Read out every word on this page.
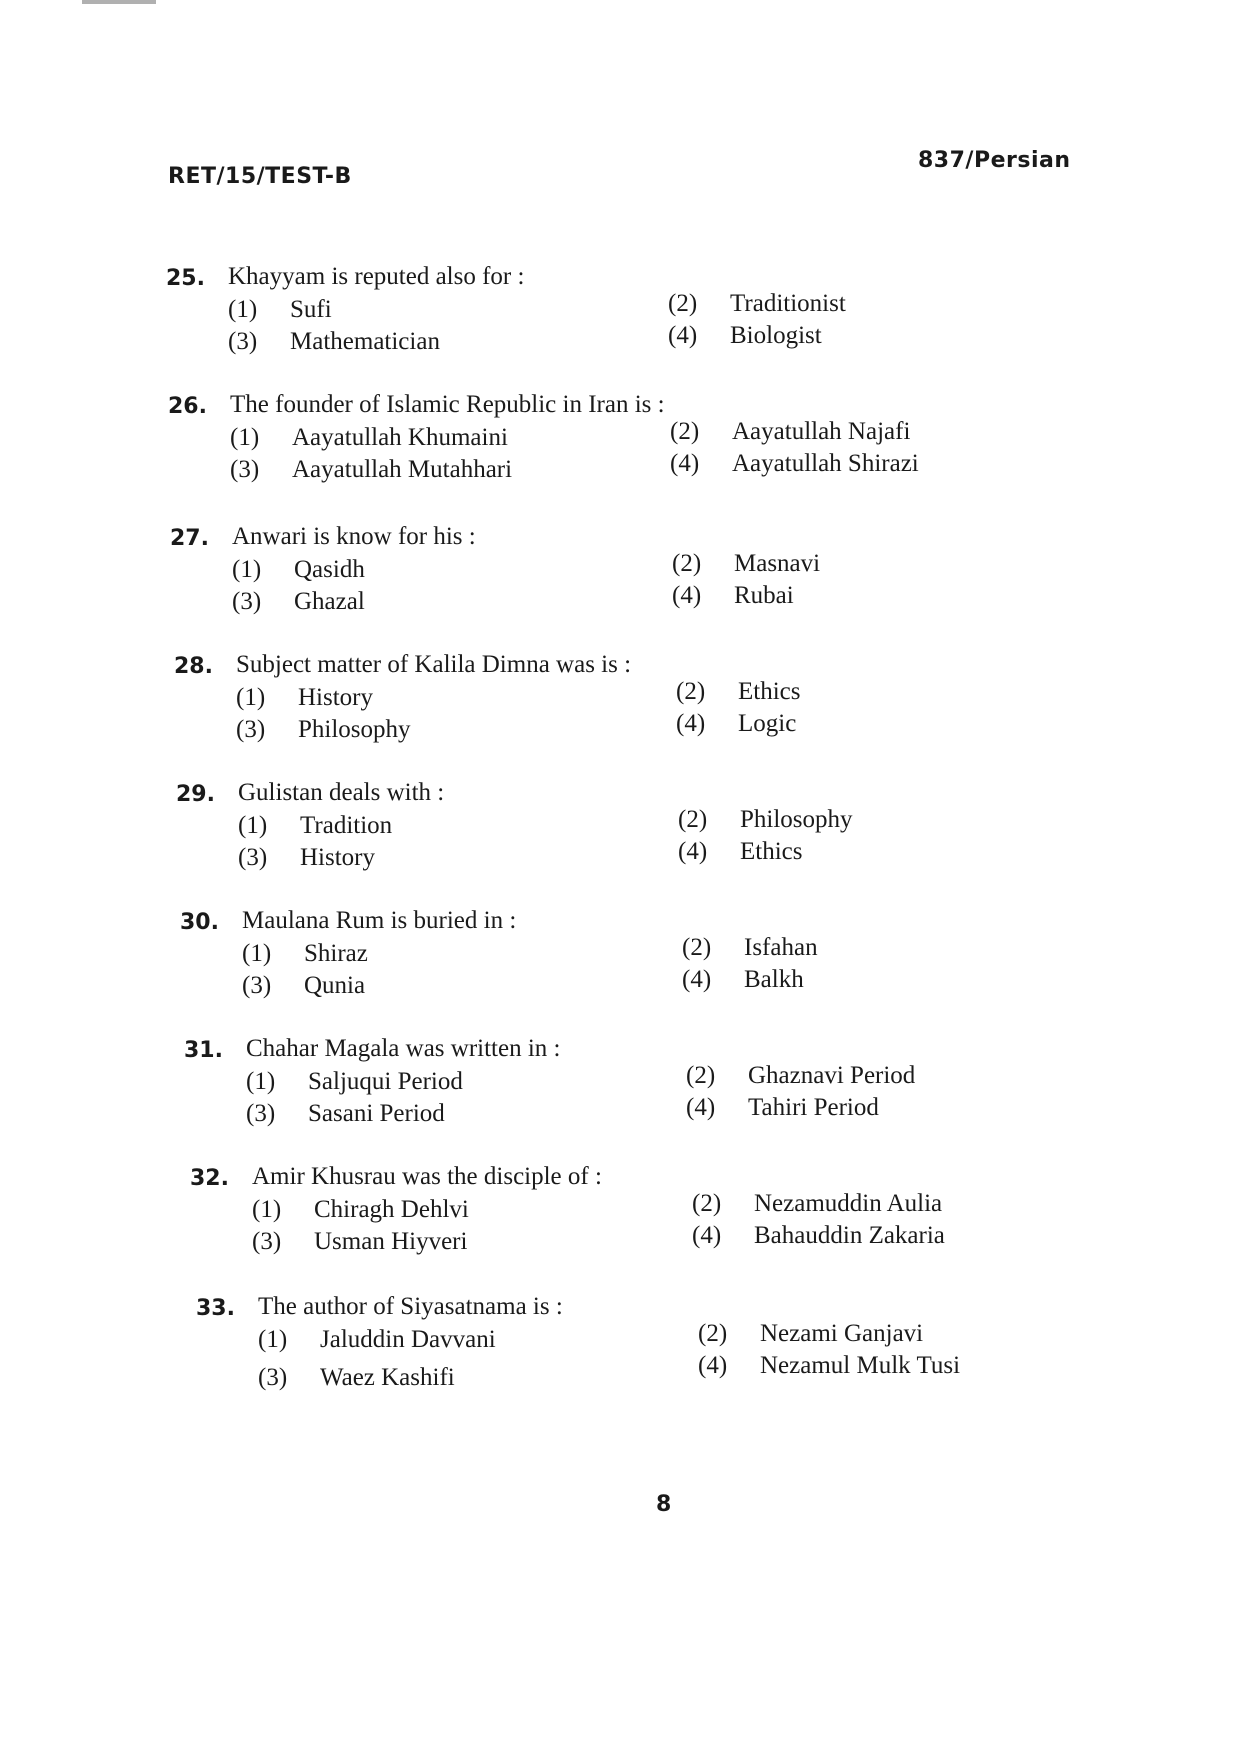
RET/15/TEST-B
837/Persian
25. Khayyam is reputed also for :
(1) Sufi	(2) Traditionist
(3) Mathematician	(4) Biologist
26. The founder of Islamic Republic in Iran is :
(1) Aayatullah Khumaini	(2) Aayatullah Najafi
(3) Aayatullah Mutahhari	(4) Aayatullah Shirazi
27. Anwari is know for his :
(1) Qasidh	(2) Masnavi
(3) Ghazal	(4) Rubai
28. Subject matter of Kalila Dimna was is :
(1) History	(2) Ethics
(3) Philosophy	(4) Logic
29. Gulistan deals with :
(1) Tradition	(2) Philosophy
(3) History	(4) Ethics
30. Maulana Rum is buried in :
(1) Shiraz	(2) Isfahan
(3) Qunia	(4) Balkh
31. Chahar Magala was written in :
(1) Saljuqui Period	(2) Ghaznavi Period
(3) Sasani Period	(4) Tahiri Period
32. Amir Khusrau was the disciple of :
(1) Chiragh Dehlvi	(2) Nezamuddin Aulia
(3) Usman Hiyveri	(4) Bahauddin Zakaria
33. The author of Siyasatnama is :
(1) Jaluddin Davvani	(2) Nezami Ganjavi
(3) Waez Kashifi	(4) Nezamul Mulk Tusi
8
